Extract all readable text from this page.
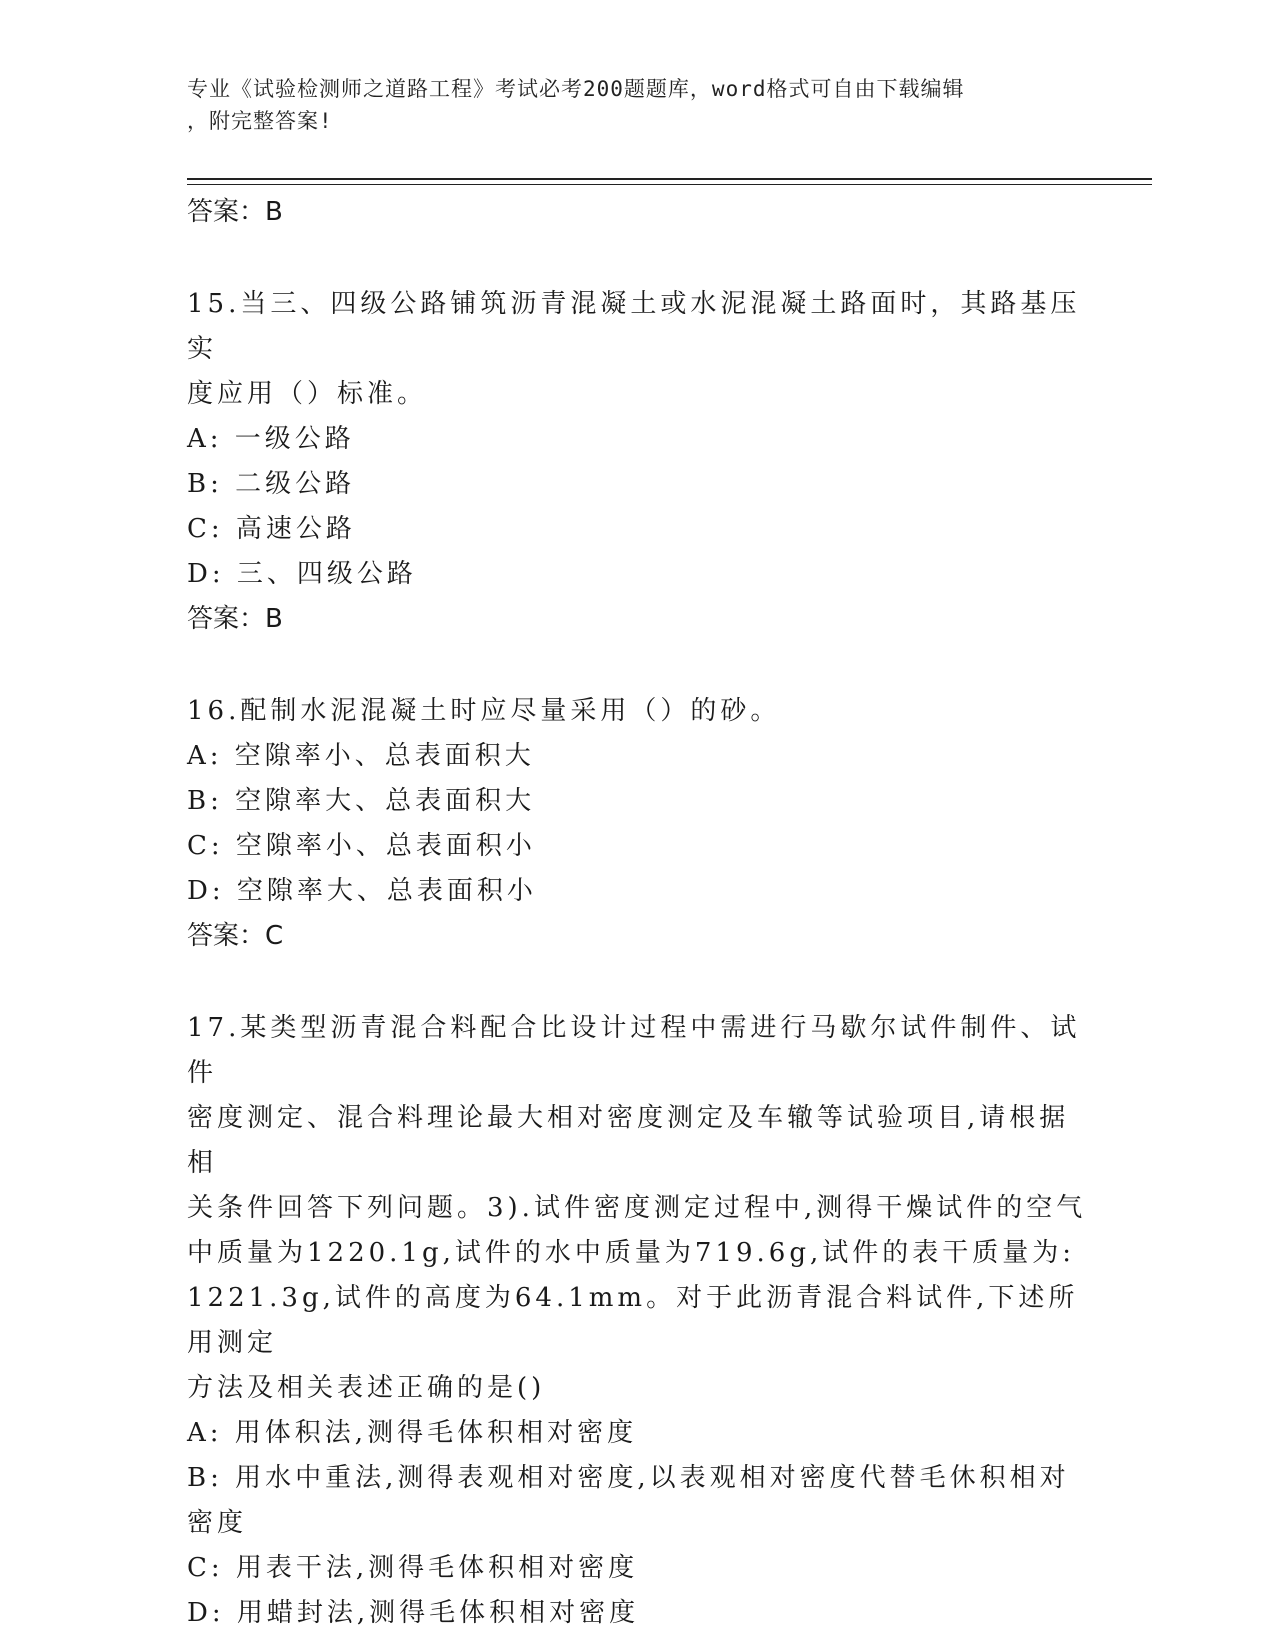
专业《试验检测师之道路工程》考试必考200题题库，word格式可自由下载编辑
，附完整答案!
答案：B
15.当三、四级公路铺筑沥青混凝土或水泥混凝土路面时，其路基压实
度应用（）标准。
A: 一级公路
B: 二级公路
C: 高速公路
D: 三、四级公路
答案：B
16.配制水泥混凝土时应尽量采用（）的砂。
A: 空隙率小、总表面积大
B: 空隙率大、总表面积大
C: 空隙率小、总表面积小
D: 空隙率大、总表面积小
答案：C
17.某类型沥青混合料配合比设计过程中需进行马歇尔试件制件、试件
密度测定、混合料理论最大相对密度测定及车辙等试验项目,请根据相
关条件回答下列问题。3).试件密度测定过程中,测得干燥试件的空气
中质量为1220.1g,试件的水中质量为719.6g,试件的表干质量为:
1221.3g,试件的高度为64.1mm。对于此沥青混合料试件,下述所用测定
方法及相关表述正确的是()
A: 用体积法,测得毛体积相对密度
B: 用水中重法,测得表观相对密度,以表观相对密度代替毛休积相对密度
C: 用表干法,测得毛体积相对密度
D: 用蜡封法,测得毛体积相对密度
